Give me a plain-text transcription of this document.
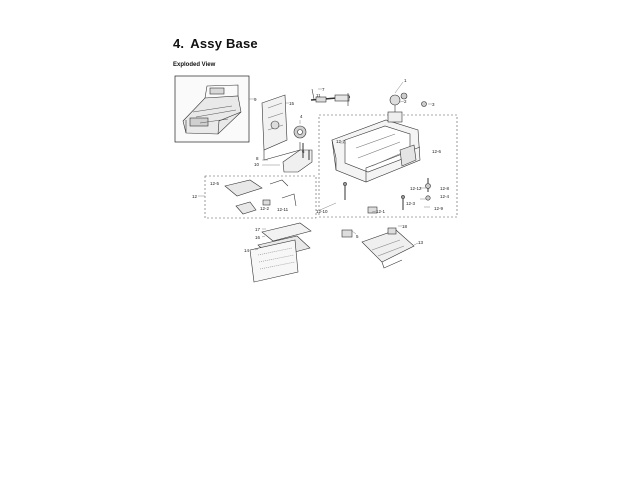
4. Assy Base
Exploded View
1
2
3
4
5
6
7
8
9
10
11
12
13
14
15
16
17
18
12-1
12-2
12-3
12-4
12-5
12-6
12-7
12-8
12-9
12-10
12-11
12-12
